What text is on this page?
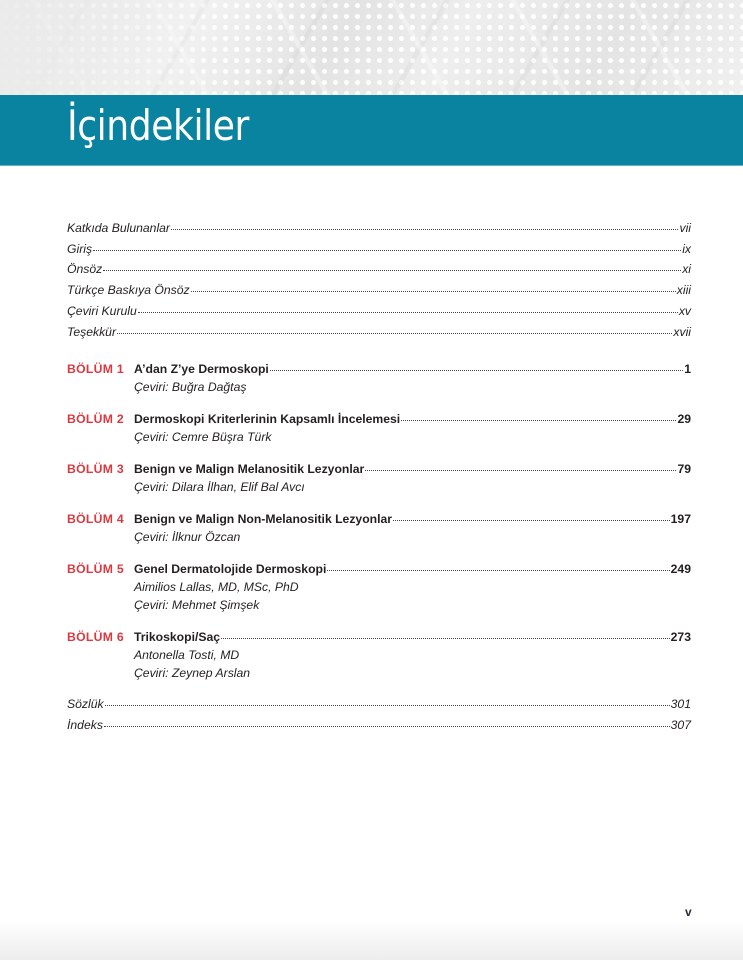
İçindekiler
Katkıda Bulunanlar	vii
Giriş	ix
Önsöz	xi
Türkçe Baskıya Önsöz	xiii
Çeviri Kurulu	xv
Teşekkür	xvii
BÖLÜM 1 A’dan Z’ye Dermoskopi	1
Çeviri: Buğra Dağtaş
BÖLÜM 2 Dermoskopi Kriterlerinin Kapsamlı İncelemesi	29
Çeviri: Cemre Büşra Türk
BÖLÜM 3 Benign ve Malign Melanositik Lezyonlar	79
Çeviri: Dilara İlhan, Elif Bal Avcı
BÖLÜM 4 Benign ve Malign Non-Melanositik Lezyonlar	197
Çeviri: İlknur Özcan
BÖLÜM 5 Genel Dermatolojide Dermoskopi	249
Aimilios Lallas, MD, MSc, PhD
Çeviri: Mehmet Şimşek
BÖLÜM 6 Trikoskopi/Saç	273
Antonella Tosti, MD
Çeviri: Zeynep Arslan
Sözlük	301
İndeks	307
v
